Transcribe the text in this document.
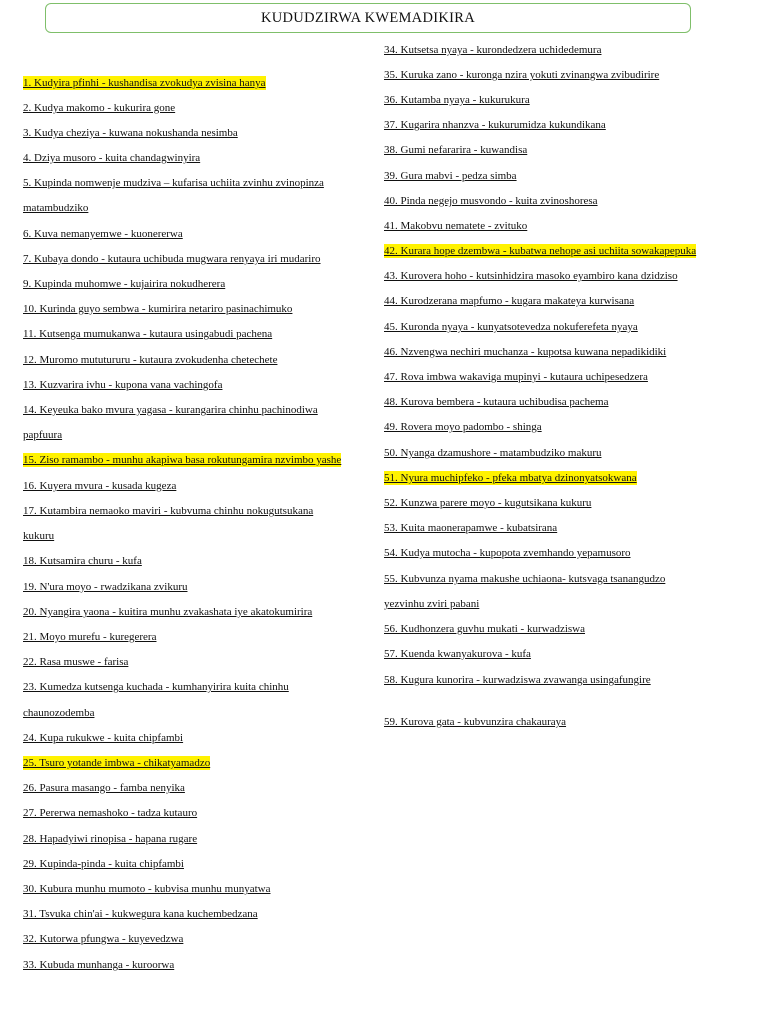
KUDUDZIRWA KWEMADIKIRA
1. Kudyira pfinhi - kushandisa zvokudya zvisina hanya
2. Kudya makomo - kukurira gone
3. Kudya cheziya - kuwana nokushanda nesimba
4. Dziya musoro - kuita chandagwinyira
5. Kupinda nomwenje mudziva – kufarisa uchiita zvinhu zvinopinza
matambudziko
6. Kuva nemanyemwe - kuonererwa
7. Kubaya dondo - kutaura uchibuda mugwara renyaya iri mudariro
9. Kupinda muhomwe - kujairira nokudherera
10. Kurinda guyo sembwa - kumirira netariro pasinachimuko
11. Kutsenga mumukanwa - kutaura usingabudi pachena
12. Muromo mututururu - kutaura zvokudenha chetechete
13. Kuzvarira ivhu - kupona vana vachingofa
14. Keyeuka bako mvura yagasa - kurangarira chinhu pachinodiwa
papfuura
15. Ziso ramambo - munhu akapiwa basa rokutungamira nzvimbo yashe
16. Kuyera mvura - kusada kugeza
17. Kutambira nemaoko maviri - kubvuma chinhu nokugutsukana
kukuru
18. Kutsamira churu - kufa
19. N'ura moyo - rwadzikana zvikuru
20. Nyangira yaona - kuitira munhu zvakashata iye akatokumirira
21. Moyo murefu - kuregerera
22. Rasa muswe - farisa
23. Kumedza kutsenga kuchada - kumhanyirira kuita chinhu
chaunozodemba
24. Kupa rukukwe - kuita chipfambi
25. Tsuro yotande imbwa - chikatyamadzo
26. Pasura masango - famba nenyika
27. Pererwa nemashoko - tadza kutauro
28. Hapadyiwi rinopisa - hapana rugare
29. Kupinda-pinda - kuita chipfambi
30. Kubura munhu mumoto - kubvisa munhu munyatwa
31. Tsvuka chin'ai - kukwegura kana kuchembedzana
32. Kutorwa pfungwa - kuyevedzwa
33. Kubuda munhanga - kuroorwa
34. Kutsetsa nyaya - kurondedzera uchidedemura
35. Kuruka zano - kuronga nzira yokuti zvinangwa zvibudirire
36. Kutamba nyaya - kukurukura
37. Kugarira nhanzva - kukurumidza kukundikana
38. Gumi nefararira - kuwandisa
39. Gura mabvi - pedza simba
40. Pinda negejo musvondo - kuita zvinoshoresa
41. Makobvu nematete - zvituko
42. Kurara hope dzembwa - kubatwa nehope asi uchiita sowakapepuka
43. Kurovera hoho - kutsinhidzira masoko eyambiro kana dzidziso
44. Kurodzerana mapfumo - kugara makateya kurwisana
45. Kuronda nyaya - kunyatsotevedza nokuferefeta nyaya
46. Nzvengwa nechiri muchanza - kupotsa kuwana nepadikidiki
47. Rova imbwa wakaviga mupinyi - kutaura uchipesedzera
48. Kurova bembera - kutaura uchibudisa pachema
49. Rovera moyo padombo - shinga
50. Nyanga dzamushore - matambudziko makuru
51. Nyura muchipfeko - pfeka mbatya dzinonyatsokwana
52. Kunzwa parere moyo - kugutsikana kukuru
53. Kuita maonerapamwe - kubatsirana
54. Kudya mutocha - kupopota zvemhando yepamusoro
55. Kubvunza nyama makushe uchiaona- kutsvaga tsanangudzo
yezvinhu zviri pabani
56. Kudhonzera guvhu mukati - kurwadziswa
57. Kuenda kwanyakurova - kufa
58. Kugura kunorira - kurwadziswa zvawanga usingafungire
59. Kurova gata - kubvunzira chakauraya
